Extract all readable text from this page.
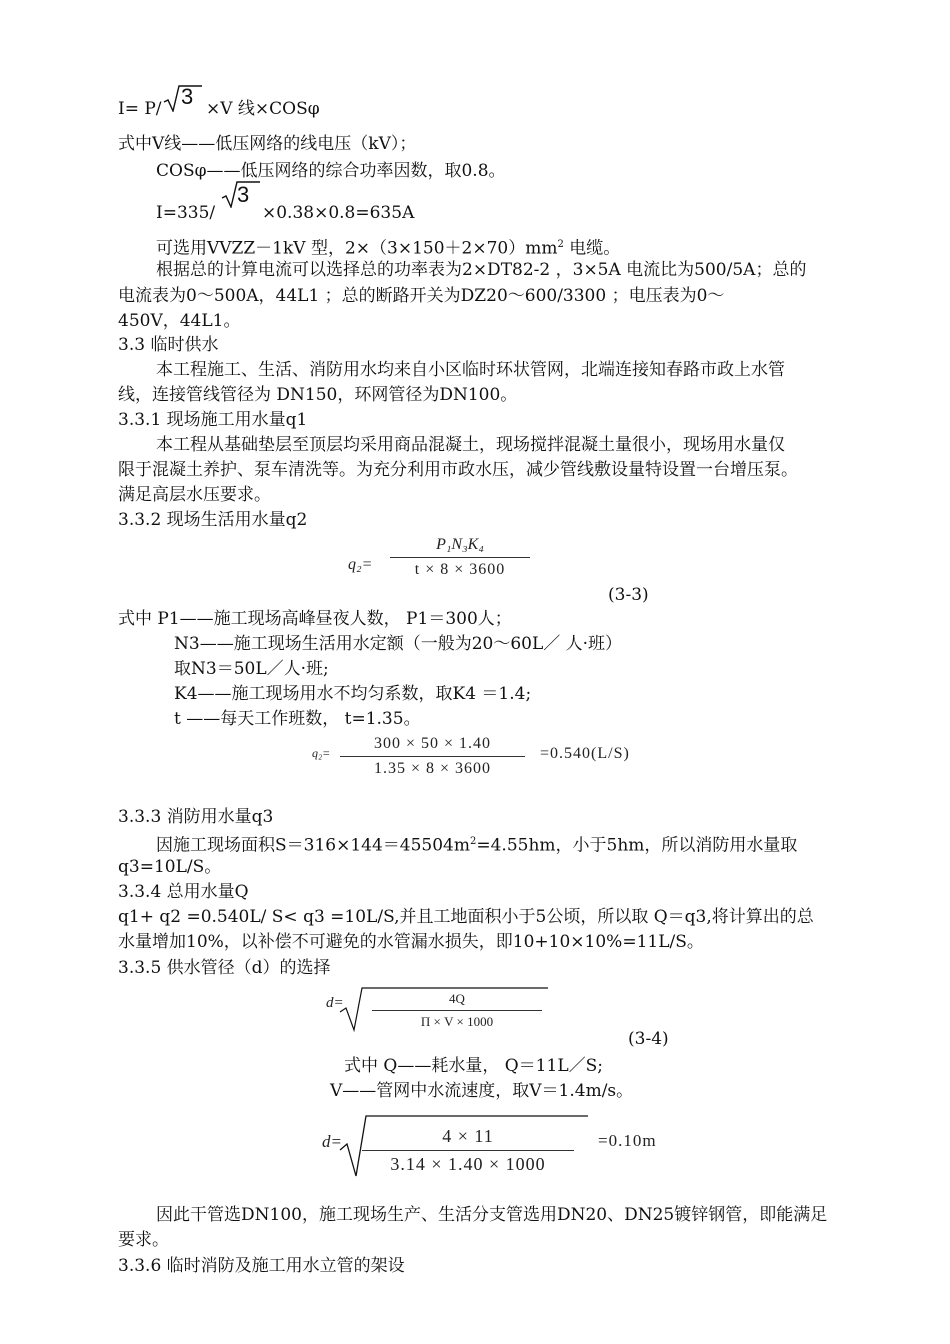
I= P/ 3 ×V 线×COSφ
式中V线——低压网络的线电压（kV）；
COSφ——低压网络的综合功率因数，取0.8。
I=335/
3
×0.38×0.8=635A
可选用VVZZ－1kV 型，$2\times(3\times 150+2\times 70)mm^2$ 电缆。
根据总的计算电流可以选择总的功率表为2×DT82-2 ，3×5A 电流比为500/5A；总的
电流表为0～500A，44L1 ；总的断路开关为DZ20～600/3300 ；电压表为0～
450V，44L1。
3.3 临时供水
本工程施工、生活、消防用水均来自小区临时环状管网，北端连接知春路市政上水管
线，连接管线管径为 DN150，环网管径为DN100。
3.3.1 现场施工用水量q1
本工程从基础垫层至顶层均采用商品混凝土，现场搅拌混凝土量很小，现场用水量仅
限于混凝土养护、泵车清洗等。为充分利用市政水压，减少管线敷设量特设置一台增压泵。
满足高层水压要求。
3.3.2 现场生活用水量q2
q₂=
P₁N₃K₄
t × 8 × 3600
(3-3)
式中 P1——施工现场高峰昼夜人数， P1＝300人；
N3——施工现场生活用水定额（一般为20～60L／ 人·班）
取N3＝50L／人·班;
K4——施工现场用水不均匀系数，取K4 ＝1.4;
t ——每天工作班数， t=1.35。
q₂=
300 × 50 × 1.40
1.35 × 8 × 3600
=0.540(L/S)
3.3.3 消防用水量q3
因施工现场面积$S=316\times 144=45504m^2=4.55hm$，小于5hm，所以消防用水量取
q3=10L/S。
3.3.4 总用水量Q
q1+ q2 =0.540L/ S< q3 =10L/S,并且工地面积小于5公顷，所以取 Q＝q3,将计算出的总
水量增加10%，以补偿不可避免的水管漏水损失，即10+10×10%=11L/S。
3.3.5 供水管径（d）的选择
d=	4Q
Π × V × 1000
(3-4)
式中 Q——耗水量， Q＝11L／S;
V——管网中水流速度，取V＝1.4m/s。
d=	4 × 11
3.14 × 1.40 × 1000
=0.10m
因此干管选DN100，施工现场生产、生活分支管选用DN20、DN25镀锌钢管，即能满足
要求。
3.3.6 临时消防及施工用水立管的架设
